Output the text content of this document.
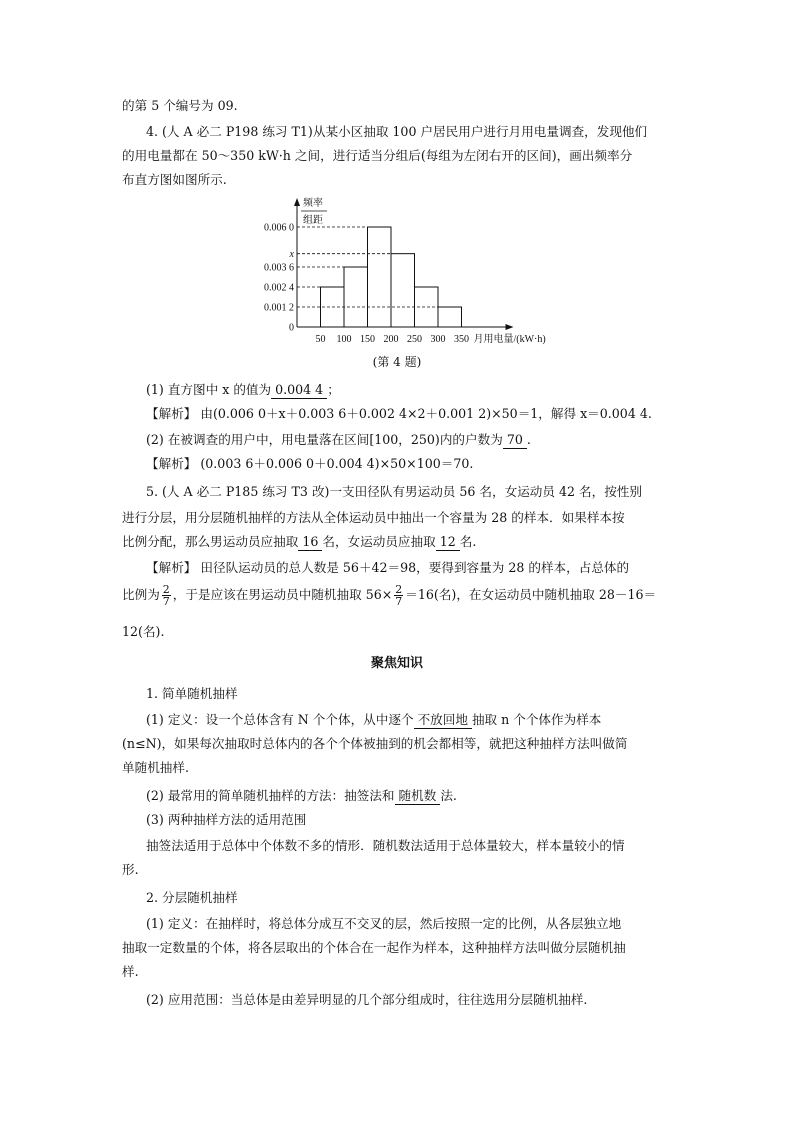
的第 5 个编号为 09.
4. (人 A 必二 P198 练习 T1)从某小区抽取 100 户居民用户进行月用电量调查，发现他们
的用电量都在 50～350 kW·h 之间，进行适当分组后(每组为左闭右开的区间)，画出频率分
布直方图如图所示.
频率
组距
0
0.001 2
0.002 4
0.003 6
x
0.006 0
50 100 150 200 250 300 350 月用电量/(kW·h)
(第 4 题)
(1) 直方图中 x 的值为 0.004 4 ；
【解析】 由(0.006 0＋x＋0.003 6＋0.002 4×2＋0.001 2)×50＝1，解得 x＝0.004 4.
(2) 在被调查的用户中，用电量落在区间[100，250)内的户数为 70 .
【解析】 (0.003 6＋0.006 0＋0.004 4)×50×100＝70.
5. (人 A 必二 P185 练习 T3 改)一支田径队有男运动员 56 名，女运动员 42 名，按性别
进行分层，用分层随机抽样的方法从全体运动员中抽出一个容量为 28 的样本．如果样本按
比例分配，那么男运动员应抽取 16 名，女运动员应抽取 12 名.
【解析】 田径队运动员的总人数是 56＋42＝98，要得到容量为 28 的样本，占总体的
比例为 $\frac{2}{7}$ ，于是应该在男运动员中随机抽取 $56\times \frac{2}{7} =16$(名)，在女运动员中随机抽取 28－16＝
12(名).
聚焦知识
1. 简单随机抽样
(1) 定义：设一个总体含有 N 个个体，从中逐个 不放回地 抽取 n 个个体作为样本
(n≤N)，如果每次抽取时总体内的各个个体被抽到的机会都相等，就把这种抽样方法叫做简
单随机抽样.
(2) 最常用的简单随机抽样的方法：抽签法和 随机数 法.
(3) 两种抽样方法的适用范围
抽签法适用于总体中个体数不多的情形．随机数法适用于总体量较大，样本量较小的情
形.
2. 分层随机抽样
(1) 定义：在抽样时，将总体分成互不交叉的层，然后按照一定的比例，从各层独立地
抽取一定数量的个体，将各层取出的个体合在一起作为样本，这种抽样方法叫做分层随机抽
样.
(2) 应用范围：当总体是由差异明显的几个部分组成时，往往选用分层随机抽样.
